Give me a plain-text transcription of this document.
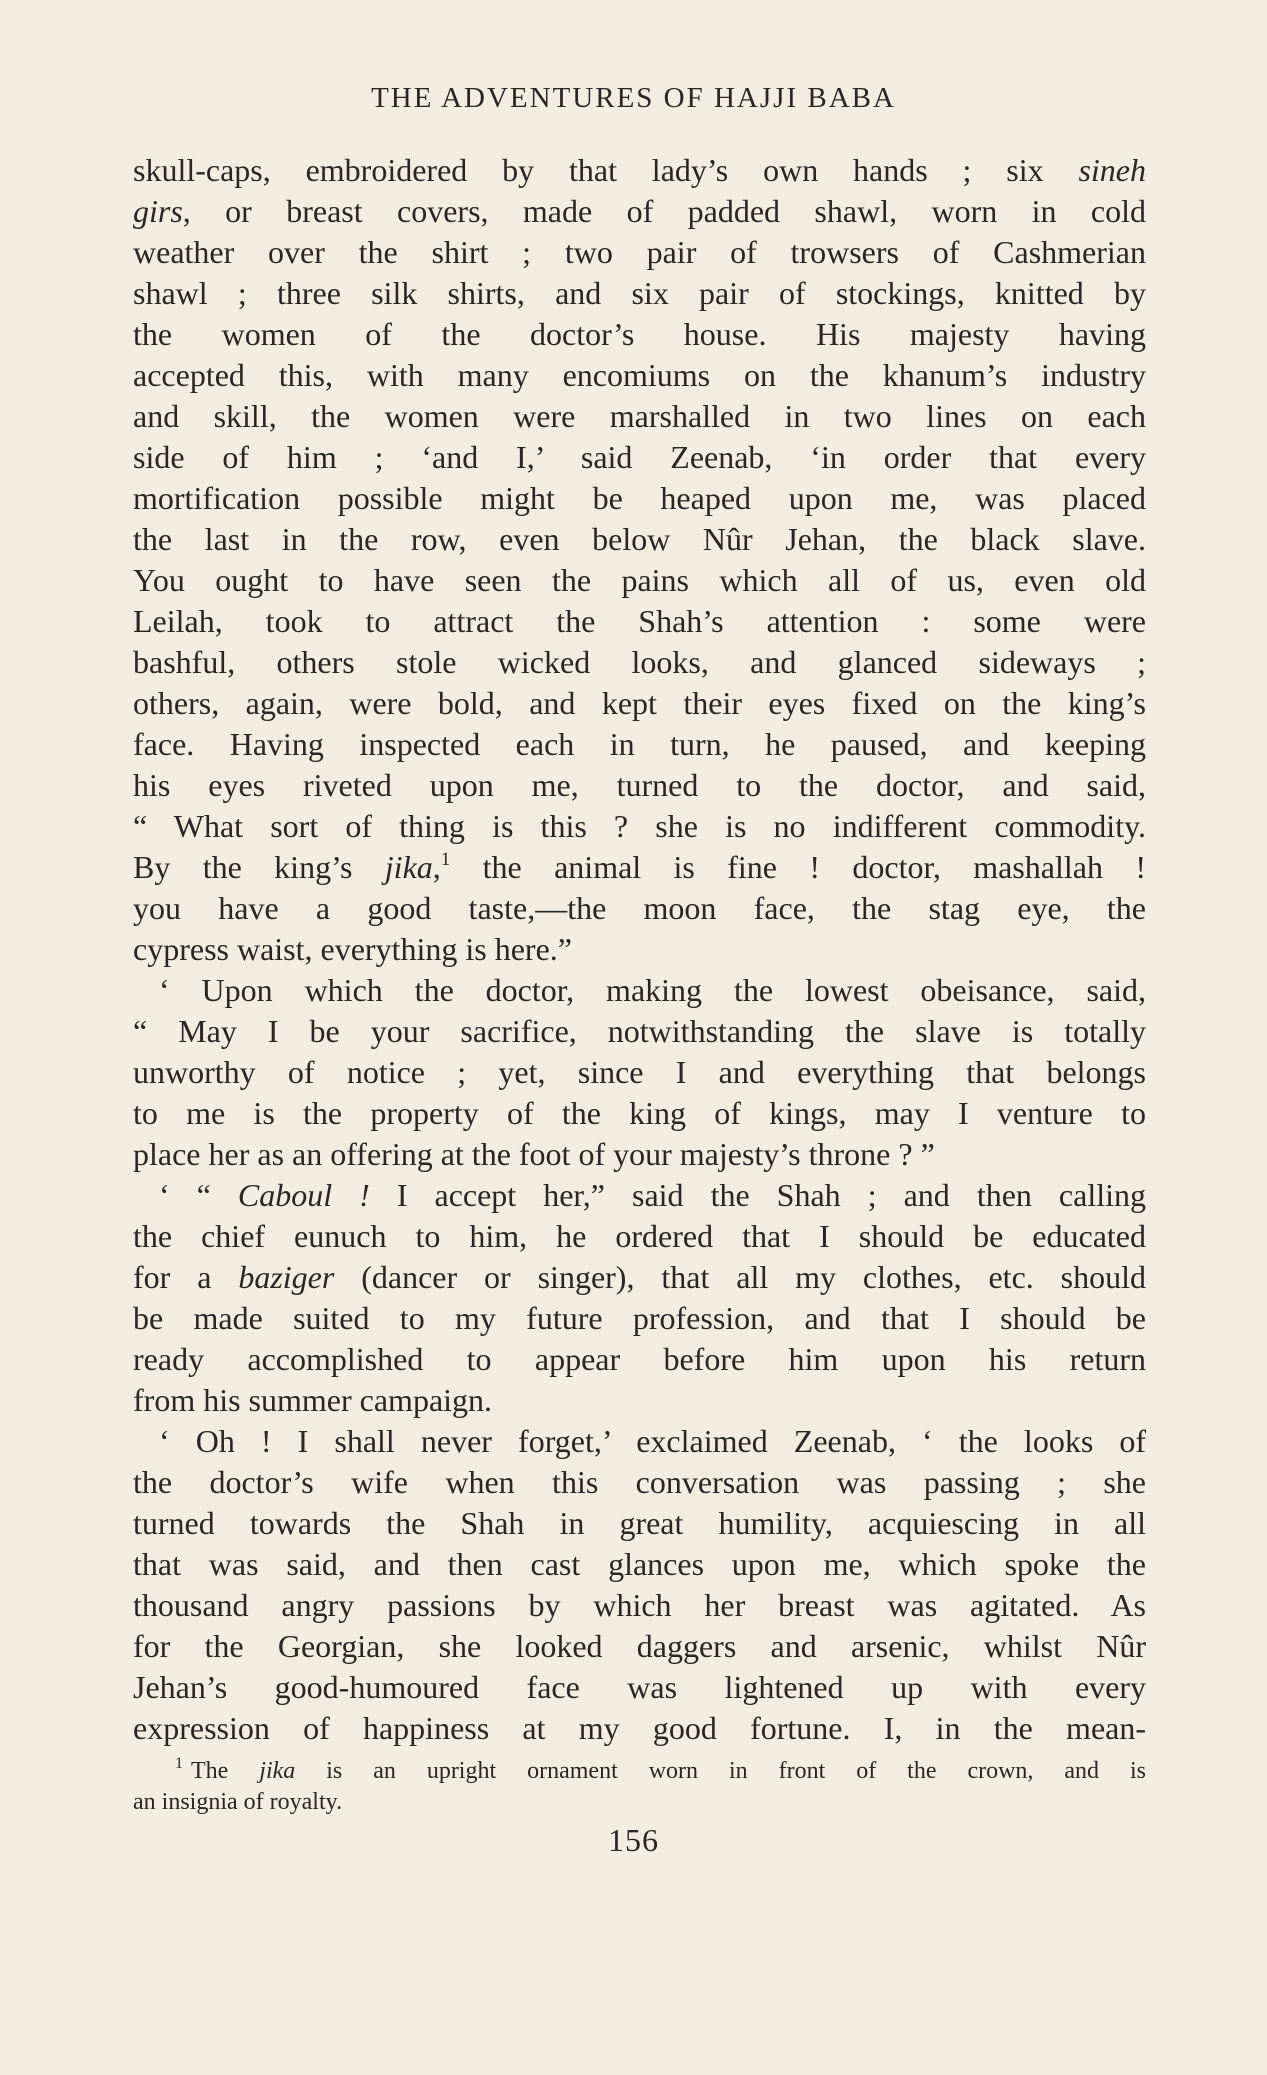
THE ADVENTURES OF HAJJI BABA
skull-caps, embroidered by that lady’s own hands ; six sineh
girs, or breast covers, made of padded shawl, worn in cold
weather over the shirt ; two pair of trowsers of Cashmerian
shawl ; three silk shirts, and six pair of stockings, knitted by
the women of the doctor’s house. His majesty having
accepted this, with many encomiums on the khanum’s industry
and skill, the women were marshalled in two lines on each
side of him ; ‘and I,’ said Zeenab, ‘in order that every
mortification possible might be heaped upon me, was placed
the last in the row, even below Nûr Jehan, the black slave.
You ought to have seen the pains which all of us, even old
Leilah, took to attract the Shah’s attention : some were
bashful, others stole wicked looks, and glanced sideways ;
others, again, were bold, and kept their eyes fixed on the king’s
face. Having inspected each in turn, he paused, and keeping
his eyes riveted upon me, turned to the doctor, and said,
“ What sort of thing is this ? she is no indifferent commodity.
By the king’s jika,$^1$ the animal is fine ! doctor, mashallah !
you have a good taste,—the moon face, the stag eye, the
cypress waist, everything is here.”
‘ Upon which the doctor, making the lowest obeisance, said,
“ May I be your sacrifice, notwithstanding the slave is totally
unworthy of notice ; yet, since I and everything that belongs
to me is the property of the king of kings, may I venture to
place her as an offering at the foot of your majesty’s throne ? ”
‘ “ Caboul ! I accept her,” said the Shah ; and then calling
the chief eunuch to him, he ordered that I should be educated
for a baziger (dancer or singer), that all my clothes, etc. should
be made suited to my future profession, and that I should be
ready accomplished to appear before him upon his return
from his summer campaign.
‘ Oh ! I shall never forget,’ exclaimed Zeenab, ‘ the looks of
the doctor’s wife when this conversation was passing ; she
turned towards the Shah in great humility, acquiescing in all
that was said, and then cast glances upon me, which spoke the
thousand angry passions by which her breast was agitated. As
for the Georgian, she looked daggers and arsenic, whilst Nûr
Jehan’s good-humoured face was lightened up with every
expression of happiness at my good fortune. I, in the mean-
$^1$ The jika is an upright ornament worn in front of the crown, and is
an insignia of royalty.
156
